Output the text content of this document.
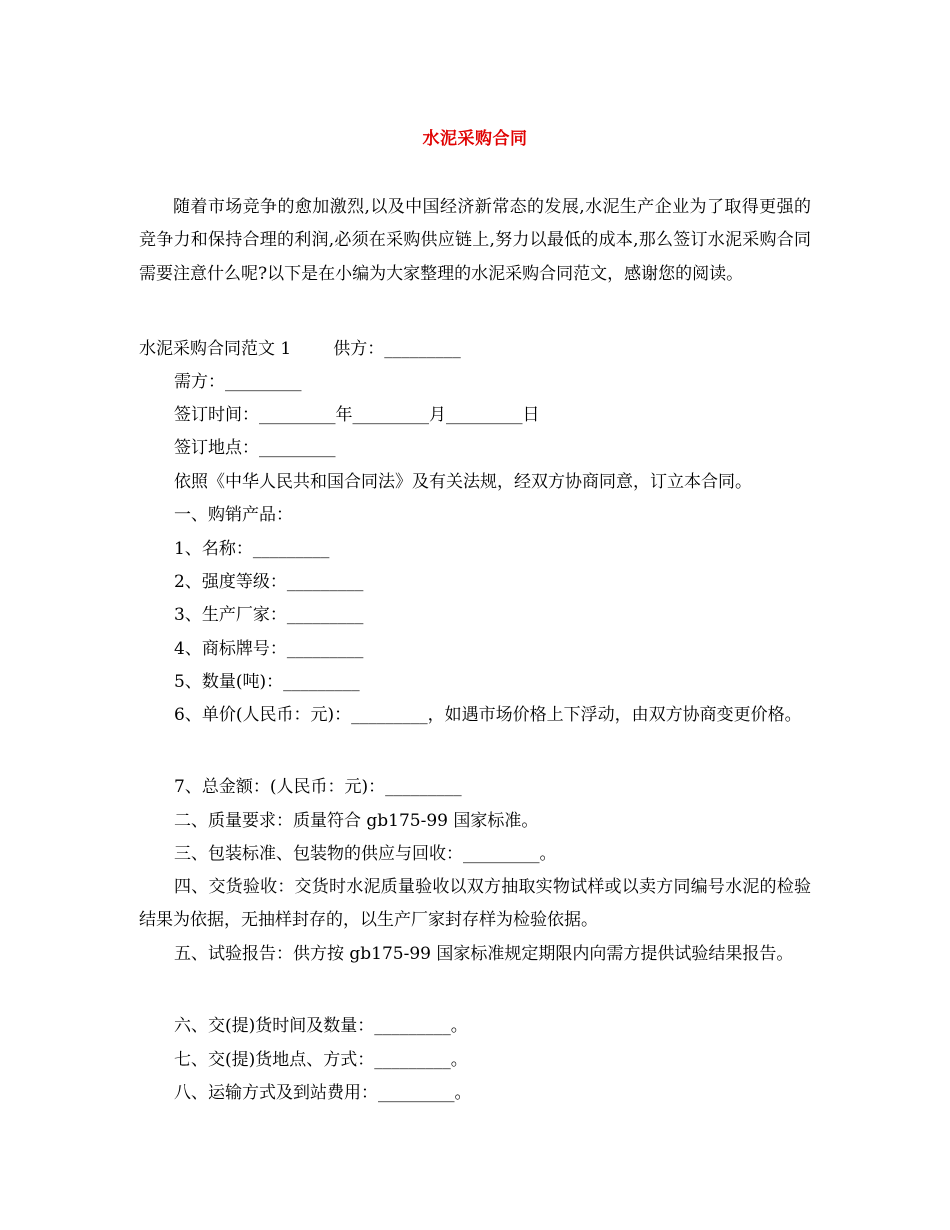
水泥采购合同
随着市场竞争的愈加激烈,以及中国经济新常态的发展,水泥生产企业为了取得更强的竞争力和保持合理的利润,必须在采购供应链上,努力以最低的成本,那么签订水泥采购合同需要注意什么呢?以下是在小编为大家整理的水泥采购合同范文，感谢您的阅读。
水泥采购合同范文 1 供方：_________
需方：_________
签订时间：_________年_________月_________日
签订地点：_________
依照《中华人民共和国合同法》及有关法规，经双方协商同意，订立本合同。
一、购销产品：
1、名称：_________
2、强度等级：_________
3、生产厂家：_________
4、商标牌号：_________
5、数量(吨)：_________
6、单价(人民币：元)：_________，如遇市场价格上下浮动，由双方协商变更价格。
7、总金额：(人民币：元)：_________
二、质量要求：质量符合 gb175-99 国家标准。
三、包装标准、包装物的供应与回收：_________。
四、交货验收：交货时水泥质量验收以双方抽取实物试样或以卖方同编号水泥的检验结果为依据，无抽样封存的，以生产厂家封存样为检验依据。
五、试验报告：供方按 gb175-99 国家标准规定期限内向需方提供试验结果报告。
六、交(提)货时间及数量：_________。
七、交(提)货地点、方式：_________。
八、运输方式及到站费用：_________。
